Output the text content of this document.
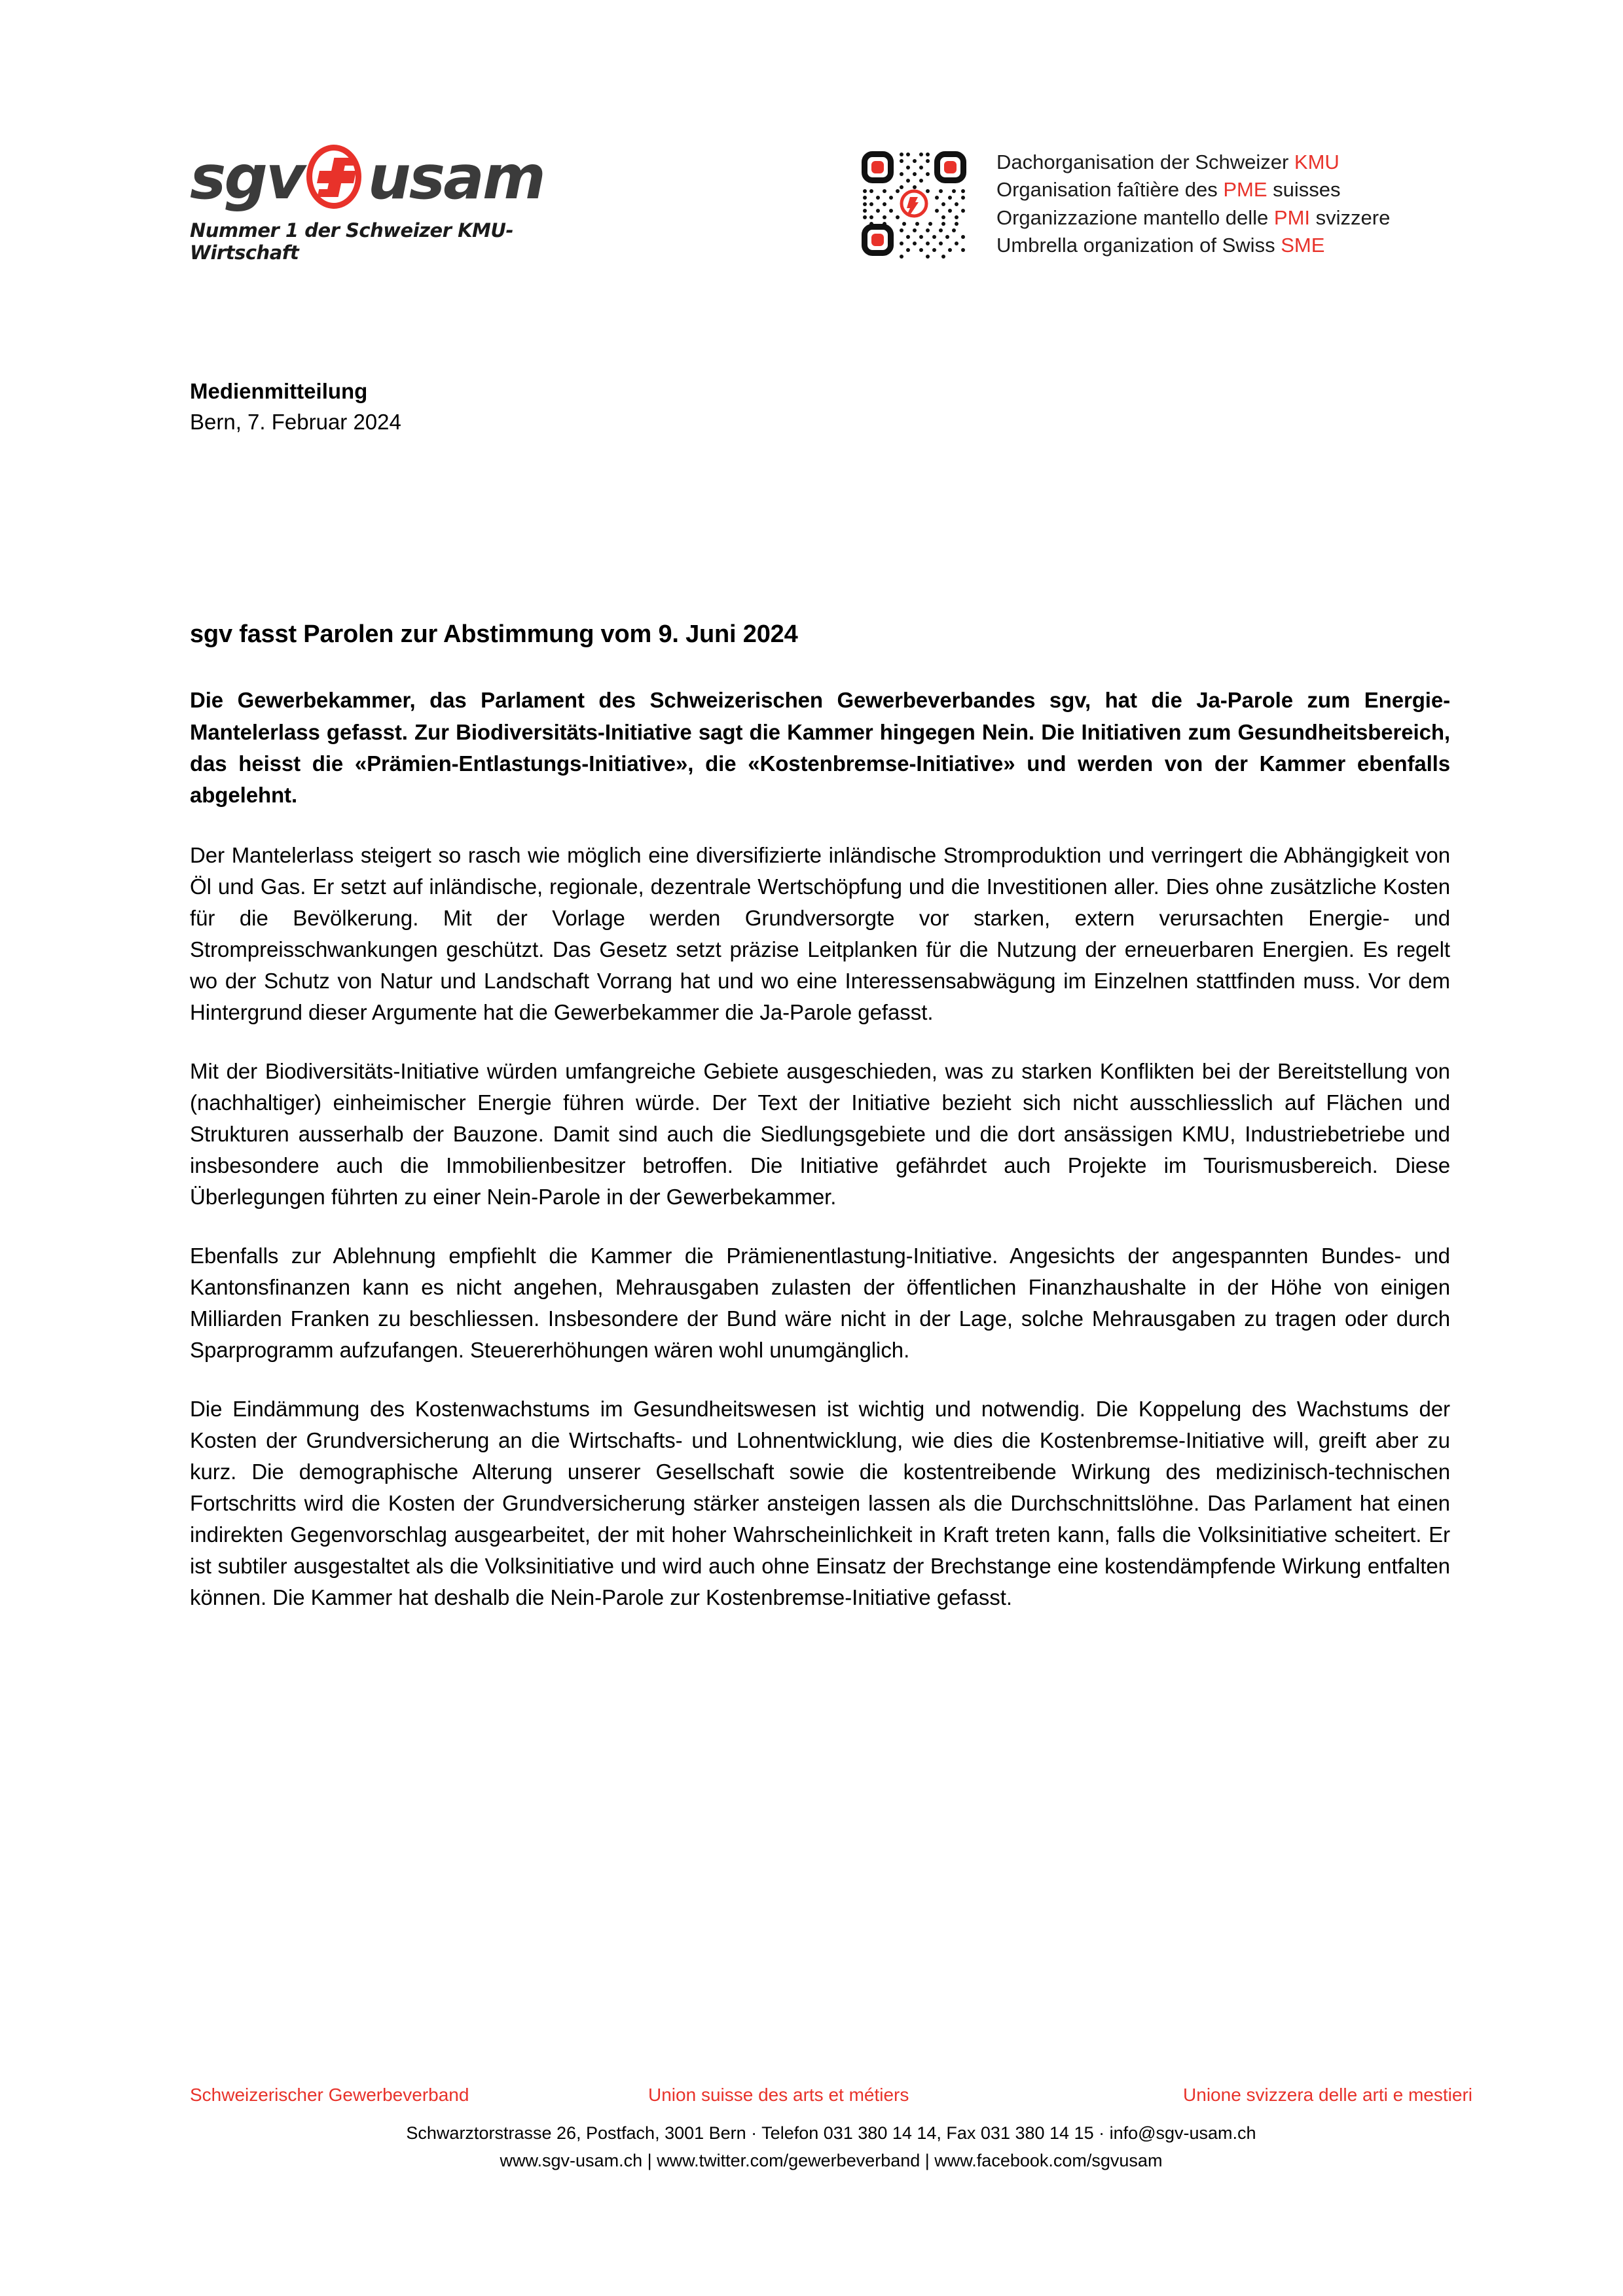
sgv usam
Nummer 1 der Schweizer KMU-Wirtschaft
Dachorganisation der Schweizer KMU
Organisation faîtière des PME suisses
Organizzazione mantello delle PMI svizzere
Umbrella organization of Swiss SME
Medienmitteilung
Bern, 7. Februar 2024
sgv fasst Parolen zur Abstimmung vom 9. Juni 2024

Die Gewerbekammer, das Parlament des Schweizerischen Gewerbeverbandes sgv, hat die Ja-Parole zum Energie-Mantelerlass gefasst. Zur Biodiversitäts-Initiative sagt die Kammer hingegen Nein. Die Initiativen zum Gesundheitsbereich, das heisst die «Prämien-Entlastungs-Initiative», die «Kostenbremse-Initiative» und werden von der Kammer ebenfalls abgelehnt.

Der Mantelerlass steigert so rasch wie möglich eine diversifizierte inländische Stromproduktion und verringert die Abhängigkeit von Öl und Gas. Er setzt auf inländische, regionale, dezentrale Wertschöpfung und die Investitionen aller. Dies ohne zusätzliche Kosten für die Bevölkerung. Mit der Vorlage werden Grundversorgte vor starken, extern verursachten Energie- und Strompreisschwankungen geschützt. Das Gesetz setzt präzise Leitplanken für die Nutzung der erneuerbaren Energien. Es regelt wo der Schutz von Natur und Landschaft Vorrang hat und wo eine Interessensabwägung im Einzelnen stattfinden muss. Vor dem Hintergrund dieser Argumente hat die Gewerbekammer die Ja-Parole gefasst.

Mit der Biodiversitäts-Initiative würden umfangreiche Gebiete ausgeschieden, was zu starken Konflikten bei der Bereitstellung von (nachhaltiger) einheimischer Energie führen würde. Der Text der Initiative bezieht sich nicht ausschliesslich auf Flächen und Strukturen ausserhalb der Bauzone. Damit sind auch die Siedlungsgebiete und die dort ansässigen KMU, Industriebetriebe und insbesondere auch die Immobilienbesitzer betroffen. Die Initiative gefährdet auch Projekte im Tourismusbereich. Diese Überlegungen führten zu einer Nein-Parole in der Gewerbekammer.

Ebenfalls zur Ablehnung empfiehlt die Kammer die Prämienentlastung-Initiative. Angesichts der angespannten Bundes- und Kantonsfinanzen kann es nicht angehen, Mehrausgaben zulasten der öffentlichen Finanzhaushalte in der Höhe von einigen Milliarden Franken zu beschliessen. Insbesondere der Bund wäre nicht in der Lage, solche Mehrausgaben zu tragen oder durch Sparprogramm aufzufangen. Steuererhöhungen wären wohl unumgänglich.

Die Eindämmung des Kostenwachstums im Gesundheitswesen ist wichtig und notwendig. Die Koppelung des Wachstums der Kosten der Grundversicherung an die Wirtschafts- und Lohnentwicklung, wie dies die Kostenbremse-Initiative will, greift aber zu kurz. Die demographische Alterung unserer Gesellschaft sowie die kostentreibende Wirkung des medizinisch-technischen Fortschritts wird die Kosten der Grundversicherung stärker ansteigen lassen als die Durchschnittslöhne. Das Parlament hat einen indirekten Gegenvorschlag ausgearbeitet, der mit hoher Wahrscheinlichkeit in Kraft treten kann, falls die Volksinitiative scheitert. Er ist subtiler ausgestaltet als die Volksinitiative und wird auch ohne Einsatz der Brechstange eine kostendämpfende Wirkung entfalten können. Die Kammer hat deshalb die Nein-Parole zur Kostenbremse-Initiative gefasst.

Schweizerischer Gewerbeverband	Union suisse des arts et métiers	Unione svizzera delle arti e mestieri
Schwarztorstrasse 26, Postfach, 3001 Bern · Telefon 031 380 14 14, Fax 031 380 14 15 · info@sgv-usam.ch
www.sgv-usam.ch | www.twitter.com/gewerbeverband | www.facebook.com/sgvusam
